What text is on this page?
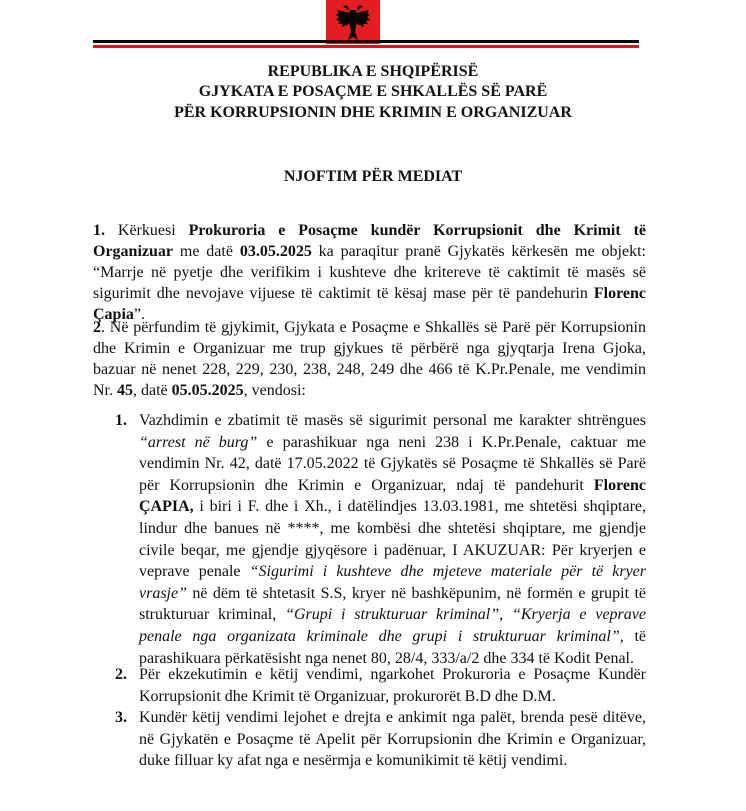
REPUBLIKA E SHQIPËRISË

GJYKATA E POSAÇME E SHKALLËS SË PARË

PËR KORRUPSIONIN DHE KRIMIN E ORGANIZUAR

NJOFTIM PËR MEDIAT

1. Kërkuesi Prokuroria e Posaçme kundër Korrupsionit dhe Krimit të Organizuar me datë 03.05.2025 ka paraqitur pranë Gjykatës kërkesën me objekt: “Marrje në pyetje dhe verifikim i kushteve dhe kritereve të caktimit të masës së sigurimit dhe nevojave vijuese të caktimit të kësaj mase për të pandehurin Florenc Çapia”.

2. Në përfundim të gjykimit, Gjykata e Posaçme e Shkallës së Parë për Korrupsionin dhe Krimin e Organizuar me trup gjykues të përbërë nga gjyqtarja Irena Gjoka, bazuar në nenet 228, 229, 230, 238, 248, 249 dhe 466 të K.Pr.Penale, me vendimin Nr. 45, datë 05.05.2025, vendosi:

1. Vazhdimin e zbatimit të masës së sigurimit personal me karakter shtrëngues “arrest në burg” e parashikuar nga neni 238 i K.Pr.Penale, caktuar me vendimin Nr. 42, datë 17.05.2022 të Gjykatës së Posaçme të Shkallës së Parë për Korrupsionin dhe Krimin e Organizuar, ndaj të pandehurit Florenc ÇAPIA, i biri i F. dhe i Xh., i datëlindjes 13.03.1981, me shtetësi shqiptare, lindur dhe banues në ****, me kombësi dhe shtetësi shqiptare, me gjendje civile beqar, me gjendje gjyqësore i padënuar, I AKUZUAR: Për kryerjen e veprave penale “Sigurimi i kushteve dhe mjeteve materiale për të kryer vrasje” në dëm të shtetasit S.S, kryer në bashkëpunim, në formën e grupit të strukturuar kriminal, “Grupi i strukturuar kriminal”, “Kryerja e veprave penale nga organizata kriminale dhe grupi i strukturuar kriminal”, të parashikuara përkatësisht nga nenet 80, 28/4, 333/a/2 dhe 334 të Kodit Penal.
2. Për ekzekutimin e këtij vendimi, ngarkohet Prokuroria e Posaçme Kundër Korrupsionit dhe Krimit të Organizuar, prokurorët B.D dhe D.M.
3. Kundër këtij vendimi lejohet e drejta e ankimit nga palët, brenda pesë ditëve, në Gjykatën e Posaçme të Apelit për Korrupsionin dhe Krimin e Organizuar, duke filluar ky afat nga e nesërmja e komunikimit të këtij vendimi.
